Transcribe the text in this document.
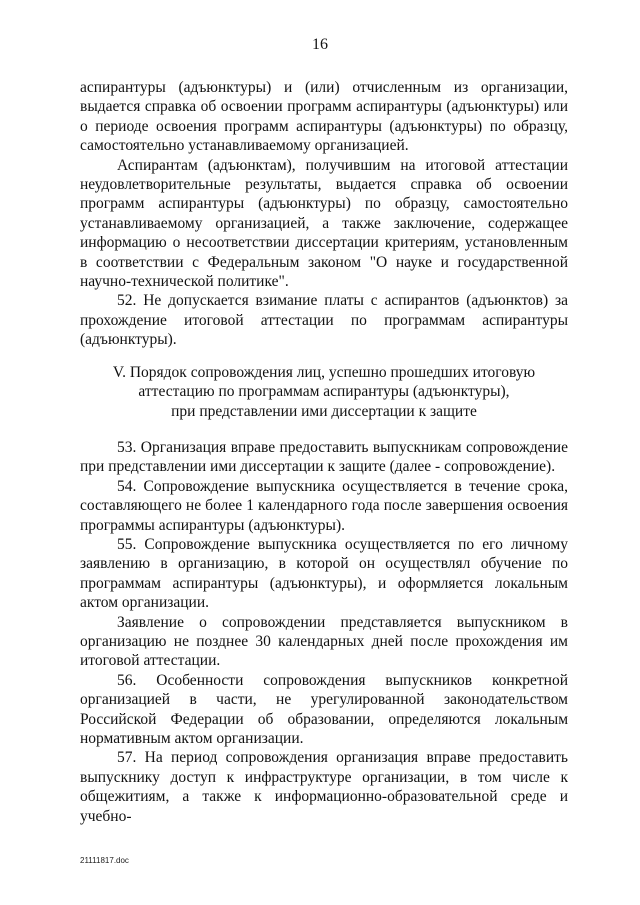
16

аспирантуры (адъюнктуры) и (или) отчисленным из организации, выдается справка об освоении программ аспирантуры (адъюнктуры) или о периоде освоения программ аспирантуры (адъюнктуры) по образцу, самостоятельно устанавливаемому организацией.

Аспирантам (адъюнктам), получившим на итоговой аттестации неудовлетворительные результаты, выдается справка об освоении программ аспирантуры (адъюнктуры) по образцу, самостоятельно устанавливаемому организацией, а также заключение, содержащее информацию о несоответствии диссертации критериям, установленным в соответствии с Федеральным законом "О науке и государственной научно-технической политике".

52. Не допускается взимание платы с аспирантов (адъюнктов) за прохождение итоговой аттестации по программам аспирантуры (адъюнктуры).

V. Порядок сопровождения лиц, успешно прошедших итоговую
аттестацию по программам аспирантуры (адъюнктуры),
при представлении ими диссертации к защите

53. Организация вправе предоставить выпускникам сопровождение при представлении ими диссертации к защите (далее - сопровождение).

54. Сопровождение выпускника осуществляется в течение срока, составляющего не более 1 календарного года после завершения освоения программы аспирантуры (адъюнктуры).

55. Сопровождение выпускника осуществляется по его личному заявлению в организацию, в которой он осуществлял обучение по программам аспирантуры (адъюнктуры), и оформляется локальным актом организации.

Заявление о сопровождении представляется выпускником в организацию не позднее 30 календарных дней после прохождения им итоговой аттестации.

56. Особенности сопровождения выпускников конкретной организацией в части, не урегулированной законодательством Российской Федерации об образовании, определяются локальным нормативным актом организации.

57. На период сопровождения организация вправе предоставить выпускнику доступ к инфраструктуре организации, в том числе к общежитиям, а также к информационно-образовательной среде и учебно-

21111817.doc
